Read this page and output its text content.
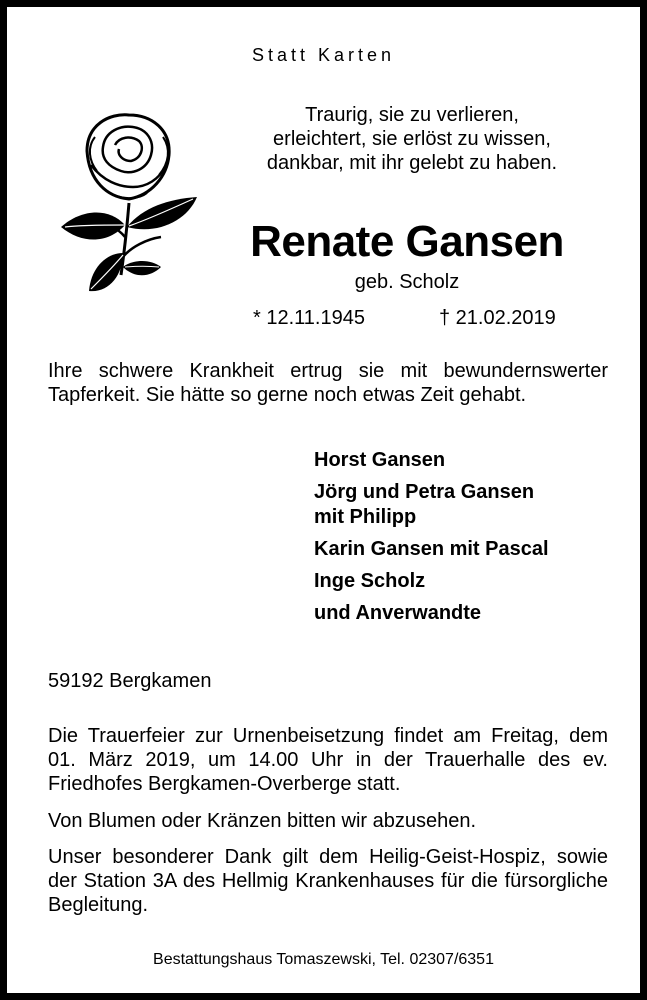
Statt Karten
Traurig, sie zu verlieren,
erleichtert, sie erlöst zu wissen,
dankbar, mit ihr gelebt zu haben.
Renate Gansen
geb. Scholz
* 12.11.1945	† 21.02.2019
Ihre schwere Krankheit ertrug sie mit bewundernswerter Tapferkeit. Sie hätte so gerne noch etwas Zeit gehabt.
Horst Gansen
Jörg und Petra Gansen
mit Philipp
Karin Gansen mit Pascal
Inge Scholz
und Anverwandte
59192 Bergkamen
Die Trauerfeier zur Urnenbeisetzung findet am Freitag, dem 01. März 2019, um 14.00 Uhr in der Trauerhalle des ev. Friedhofes Bergkamen-Overberge statt.
Von Blumen oder Kränzen bitten wir abzusehen.
Unser besonderer Dank gilt dem Heilig-Geist-Hospiz, sowie der Station 3A des Hellmig Krankenhauses für die fürsorgliche Begleitung.
Bestattungshaus Tomaszewski, Tel. 02307/6351
